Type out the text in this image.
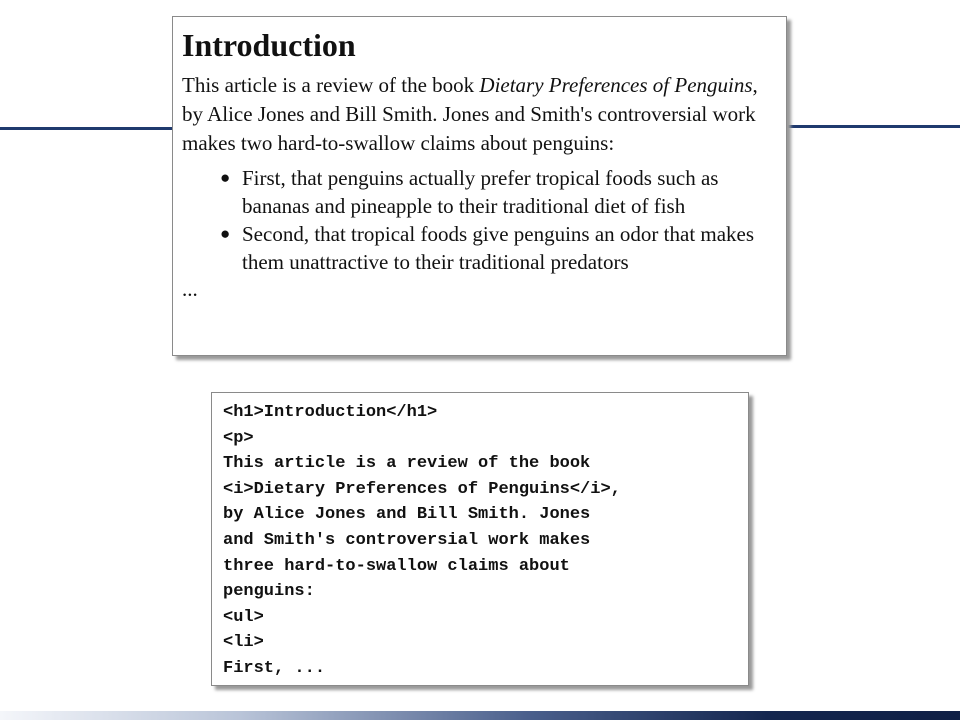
Introduction

This article is a review of the book Dietary Preferences of Penguins, by Alice Jones and Bill Smith. Jones and Smith's controversial work makes two hard-to-swallow claims about penguins:

● First, that penguins actually prefer tropical foods such as bananas and pineapple to their traditional diet of fish
● Second, that tropical foods give penguins an odor that makes them unattractive to their traditional predators

...

<h1>Introduction</h1>
<p>
This article is a review of the book
<i>Dietary Preferences of Penguins</i>,
by Alice Jones and Bill Smith. Jones
and Smith's controversial work makes
three hard-to-swallow claims about
penguins:
<ul>
<li>
First, ...
